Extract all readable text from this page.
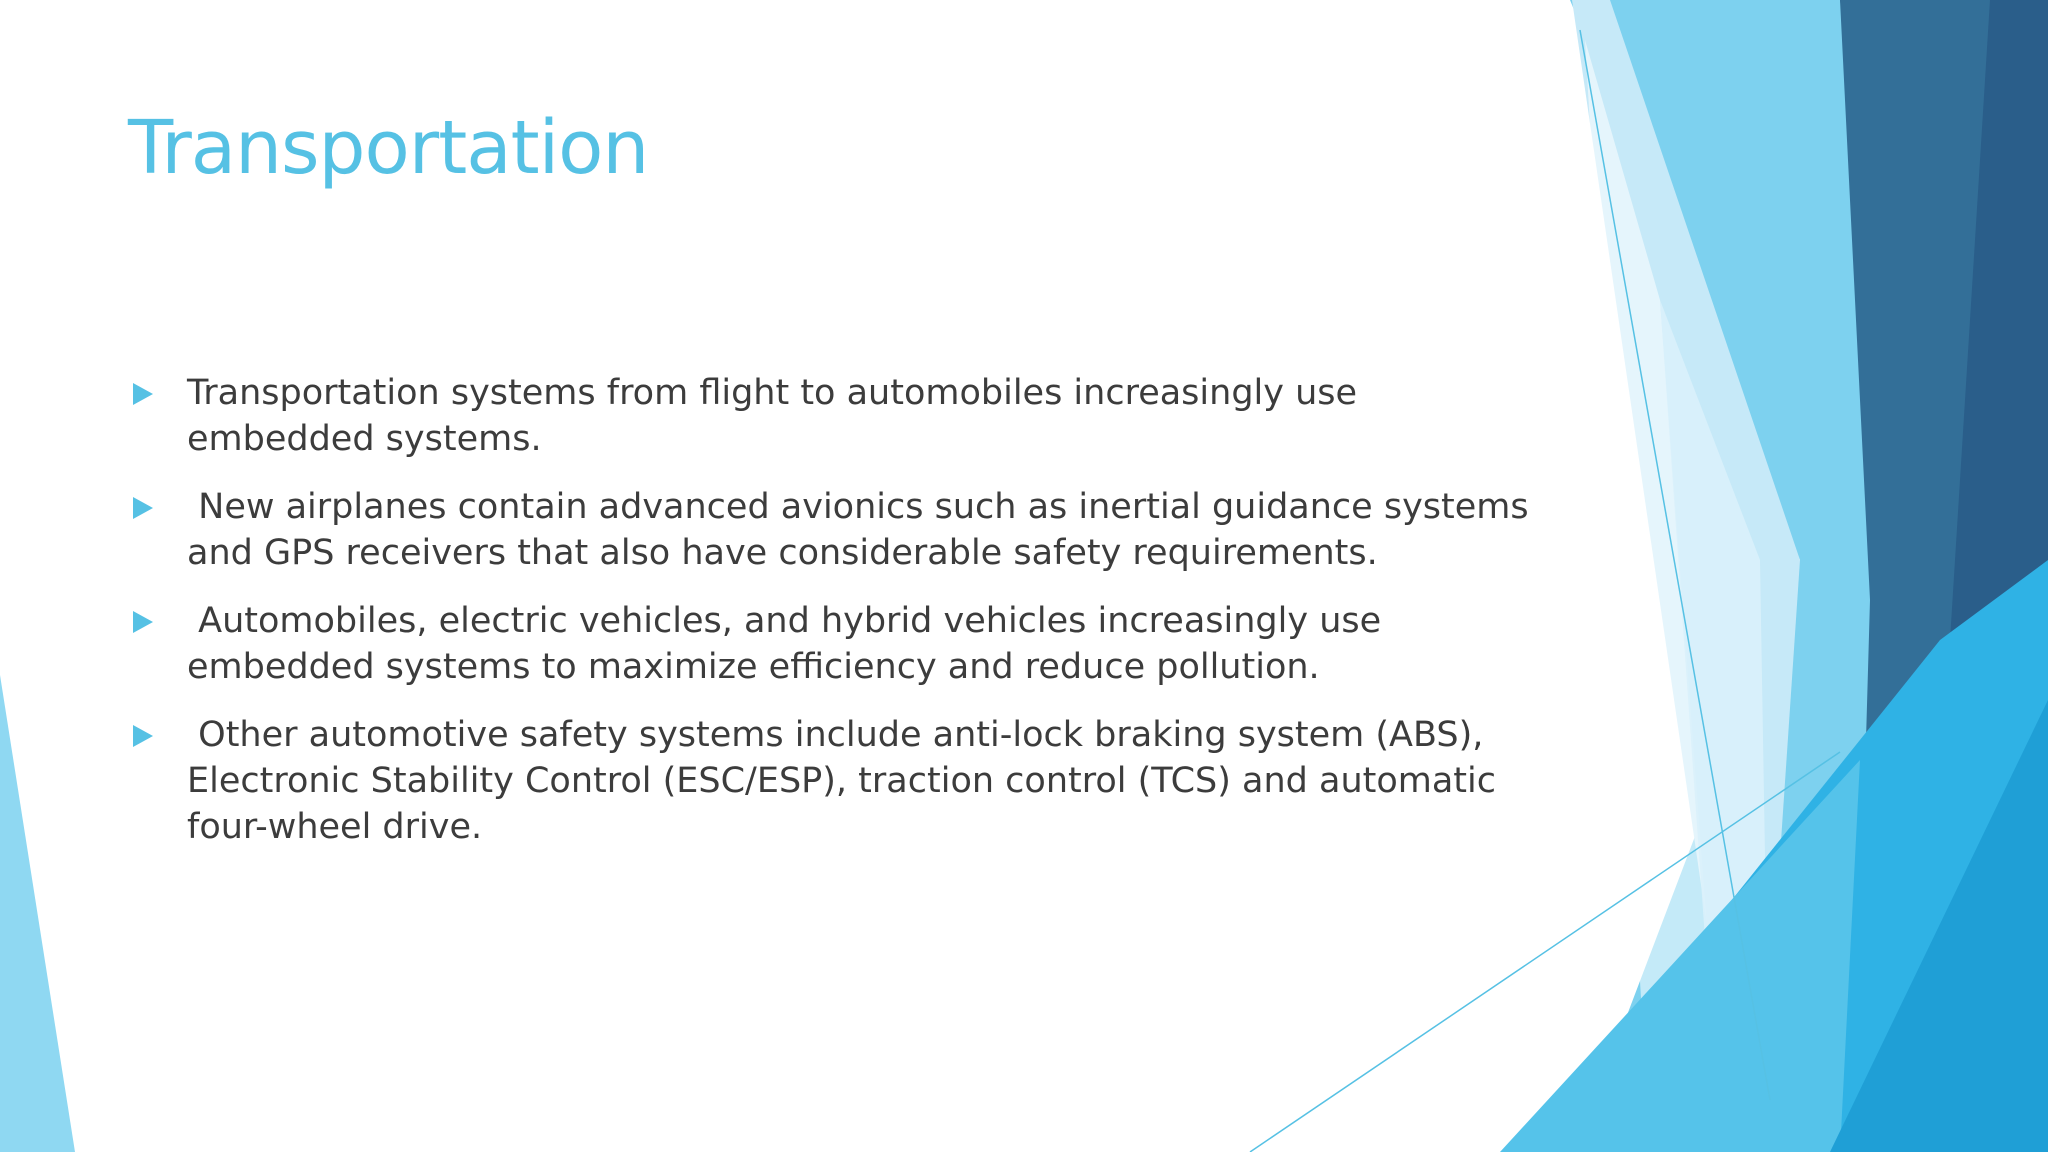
Transportation
Transportation systems from flight to automobiles increasingly use embedded systems.
New airplanes contain advanced avionics such as inertial guidance systems and GPS receivers that also have considerable safety requirements.
Automobiles, electric vehicles, and hybrid vehicles increasingly use embedded systems to maximize efficiency and reduce pollution.
Other automotive safety systems include anti-lock braking system (ABS), Electronic Stability Control (ESC/ESP), traction control (TCS) and automatic four-wheel drive.
